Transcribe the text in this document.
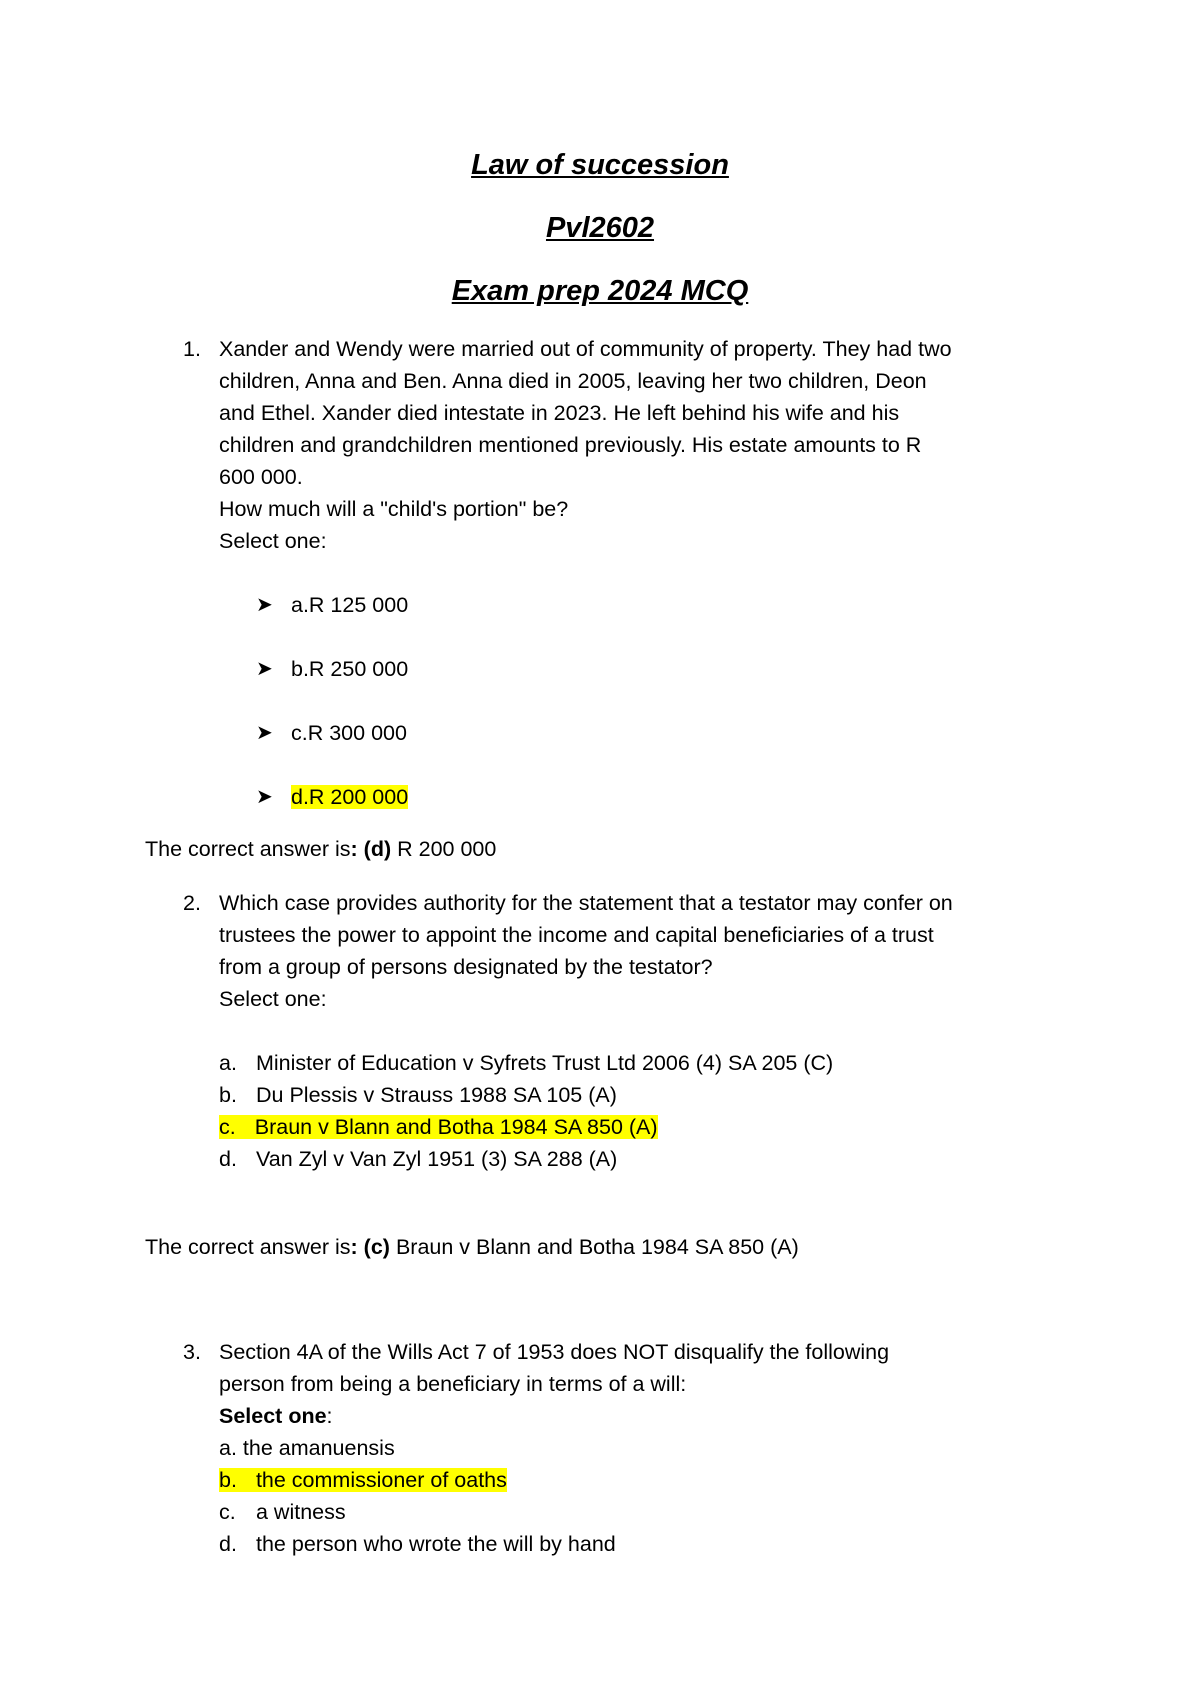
Law of succession
Pvl2602
Exam prep 2024 MCQ
1. Xander and Wendy were married out of community of property. They had two
children, Anna and Ben. Anna died in 2005, leaving her two children, Deon
and Ethel. Xander died intestate in 2023. He left behind his wife and his
children and grandchildren mentioned previously. His estate amounts to R
600 000.
How much will a "child's portion" be?
Select one:
➤ a.R 125 000
➤ b.R 250 000
➤ c.R 300 000
➤ d.R 200 000
The correct answer is: (d) R 200 000
2. Which case provides authority for the statement that a testator may confer on
trustees the power to appoint the income and capital beneficiaries of a trust
from a group of persons designated by the testator?
Select one:
a. Minister of Education v Syfrets Trust Ltd 2006 (4) SA 205 (C)
b. Du Plessis v Strauss 1988 SA 105 (A)
c. Braun v Blann and Botha 1984 SA 850 (A)
d. Van Zyl v Van Zyl 1951 (3) SA 288 (A)
The correct answer is: (c) Braun v Blann and Botha 1984 SA 850 (A)
3. Section 4A of the Wills Act 7 of 1953 does NOT disqualify the following
person from being a beneficiary in terms of a will:
Select one:
a. the amanuensis
b. the commissioner of oaths
c. a witness
d. the person who wrote the will by hand
